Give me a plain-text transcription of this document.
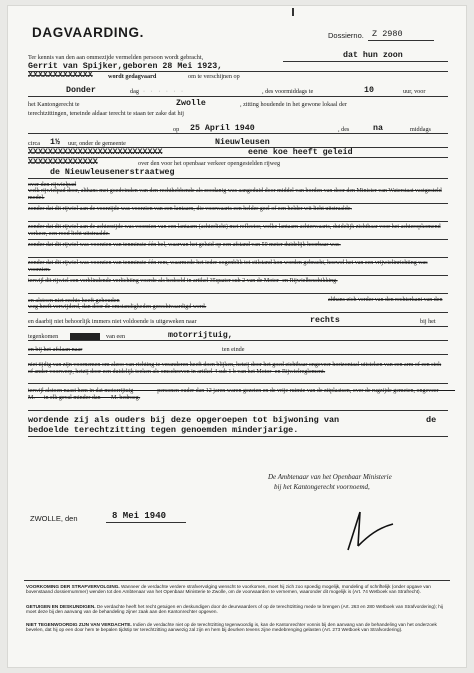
DAGVAARDING.	Dossierno. Z 2980
Ter kennis van den aan ommezijde vermelden persoon wordt gebracht,	dat hun zoon
Gerrit van Spijker,geboren 28 Mei 1923,
XXXXXXXXXXXXX	wordt gedagvaard	om te verschijnen op
Donder	dag · · · · · ·	, des voormiddags te	10	uur, voor
het Kantongerecht te	Zwolle	, zitting houdende in het gewone lokaal der
terechtzittingen, teneinde aldaar terecht te staan ter zake dat hij
op 25 April 1940	, des	na	middags
circa 1½ uur, onder de gemeente	Nieuwleusen
XXXXXXXXXXXXXXXXXXXXXXXXXXX	eene koe heeft geleid
XXXXXXXXXXXXXX	over den voor het openbaar verkeer opengestelden rijweg
de Nieuwleusenerstraatweg
over den rijwielpad
welk rijwielpad door, althans met goedvinden van den rechthebbende als zoodanig was aangeduid door middel van borden van door den Minister van Waterstaat vastgesteld model.
zonder dat dit rijwiel aan de voorzijde was voorzien van een lantaarn, die voorwaarts een helder geel of een helder wit licht uitstraalde.
zonder dat dit rijwiel aan de achterzijde was voorzien van een lantaarn (achterlicht) met reflector, welke lantaarn achterwaarts, duidelijk zichtbaar voor het achteropkomend verkeer, een rood licht uitstraalde.
zonder dat dit rijwiel was voorzien van tenminste één bel, waarvan het geluid op een afstand van 50 meter duidelijk hoorbaar was.
zonder dat dit rijwiel was voorzien van tenminste één rem, waarmede het ieder oogenblik tot stilstand kon worden gebracht, hoewel het van een vrijwielinrichting was voorzien.
terwijl dit rijwiel een verblindende verlichting voerde als bedoeld in artikel 35quater sub 2 van de Motor- en Rijwielbeschikking.
en alstoen niet rechts heeft gehouden	althans zich verder van den rechterkant van den weg heeft verwijderd, dan door de omstandigheden gerechtvaardigd werd.
en daarbij niet behoorlijk immers niet voldoende is uitgeweken naar	rechts	bij het
tegenkomen xxxx	van een	motorrijtuig,
en bij het afslaan naar	ten einde
niet tijdig van zijn voornemen om alzoo van richting te veranderen heeft doen blijken, hetzij door het goed zichtbaar ongeveer horizontaal uitsteken van een arm of een stok of ander voorwerp, hetzij door een duidelijk teeken als omschreven in artikel 4 sub 1 b van het Motor- en Rijwielreglement.
terwijl alstoen naast hem in dat motorrijtuig                personen ouder dan 12 jaren waren gezeten en de vrije ruimte van de zitplaatsen, over de rugzijde gemeten, ongeveer           M. — in elk geval minder dan       M. bedroeg.
wordende zij als ouders bij deze opgeroepen tot bijwoning van	de
bedoelde terechtzitting tegen genoemden minderjarige.
De Ambtenaar van het Openbaar Ministerie
bij het Kantongerecht voornoemd,
ZWOLLE, den	8 Mei 1940
VOORKOMING DER STRAFVERVOLGING. Wanneer de verdachte verdere strafvervolging wenscht te voorkomen, moet hij zich zoo spoedig mogelijk, mondeling of schriftelijk (onder opgave van bovenstaand dossiernummer) wenden tot den Ambtenaar van het Openbaar Ministerie te Zwolle, om de voorwaarden te vernemen, waaronder dit mogelijk is (Art. 74 Wetboek van Strafrecht).
GETUIGEN EN DESKUNDIGEN. De verdachte heeft het recht getuigen en deskundigen door de deurwaarders of op de terechtzitting mede te brengen (Art. 263 en 280 Wetboek van Strafvordering); hij moet deze bij den aanvang van de behandeling zijner zaak aan den Kantonrechter opgeven.
NIET TEGENWOORDIG ZIJN VAN VERDACHTE. Indien de verdachte niet op de terechtzitting tegenwoordig is, kan de Kantonrechter vonnis bij den aanvang van de behandeling van het onderzoek bevelen, dat hij op een door hem te bepalen tijdstip ter terechtzitting aanwezig zal zijn en hem bij deurken tevens zijne medebrenging gelasten (Art. 273 Wetboek van Strafvordering).
